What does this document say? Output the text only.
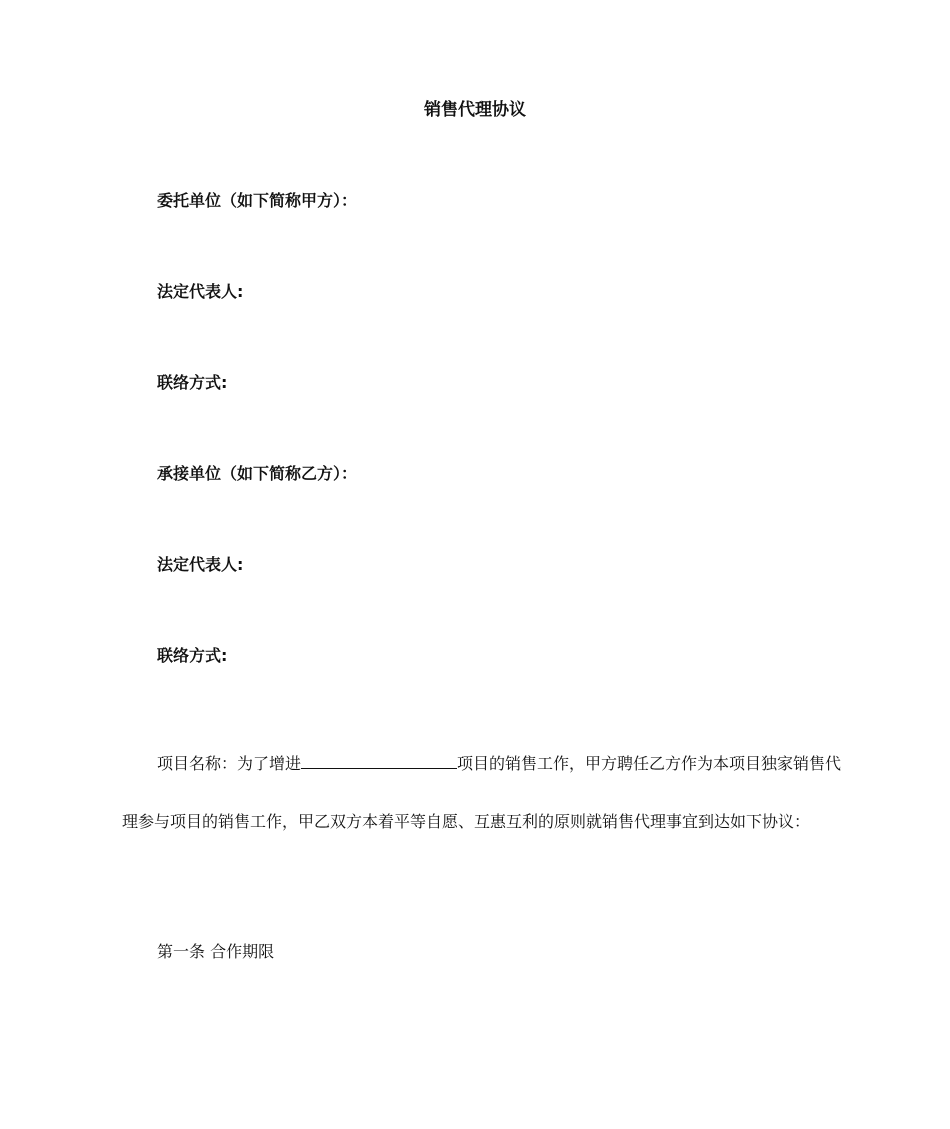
销售代理协议
委托单位（如下简称甲方）：
法定代表人:
联络方式:
承接单位（如下简称乙方）：
法定代表人:
联络方式:

项目名称：为了增进	项目的销售工作，甲方聘任乙方作为本项目独家销售代理参与项目的销售工作，甲乙双方本着平等自愿、互惠互利的原则就销售代理事宜到达如下协议：

第一条 合作期限
